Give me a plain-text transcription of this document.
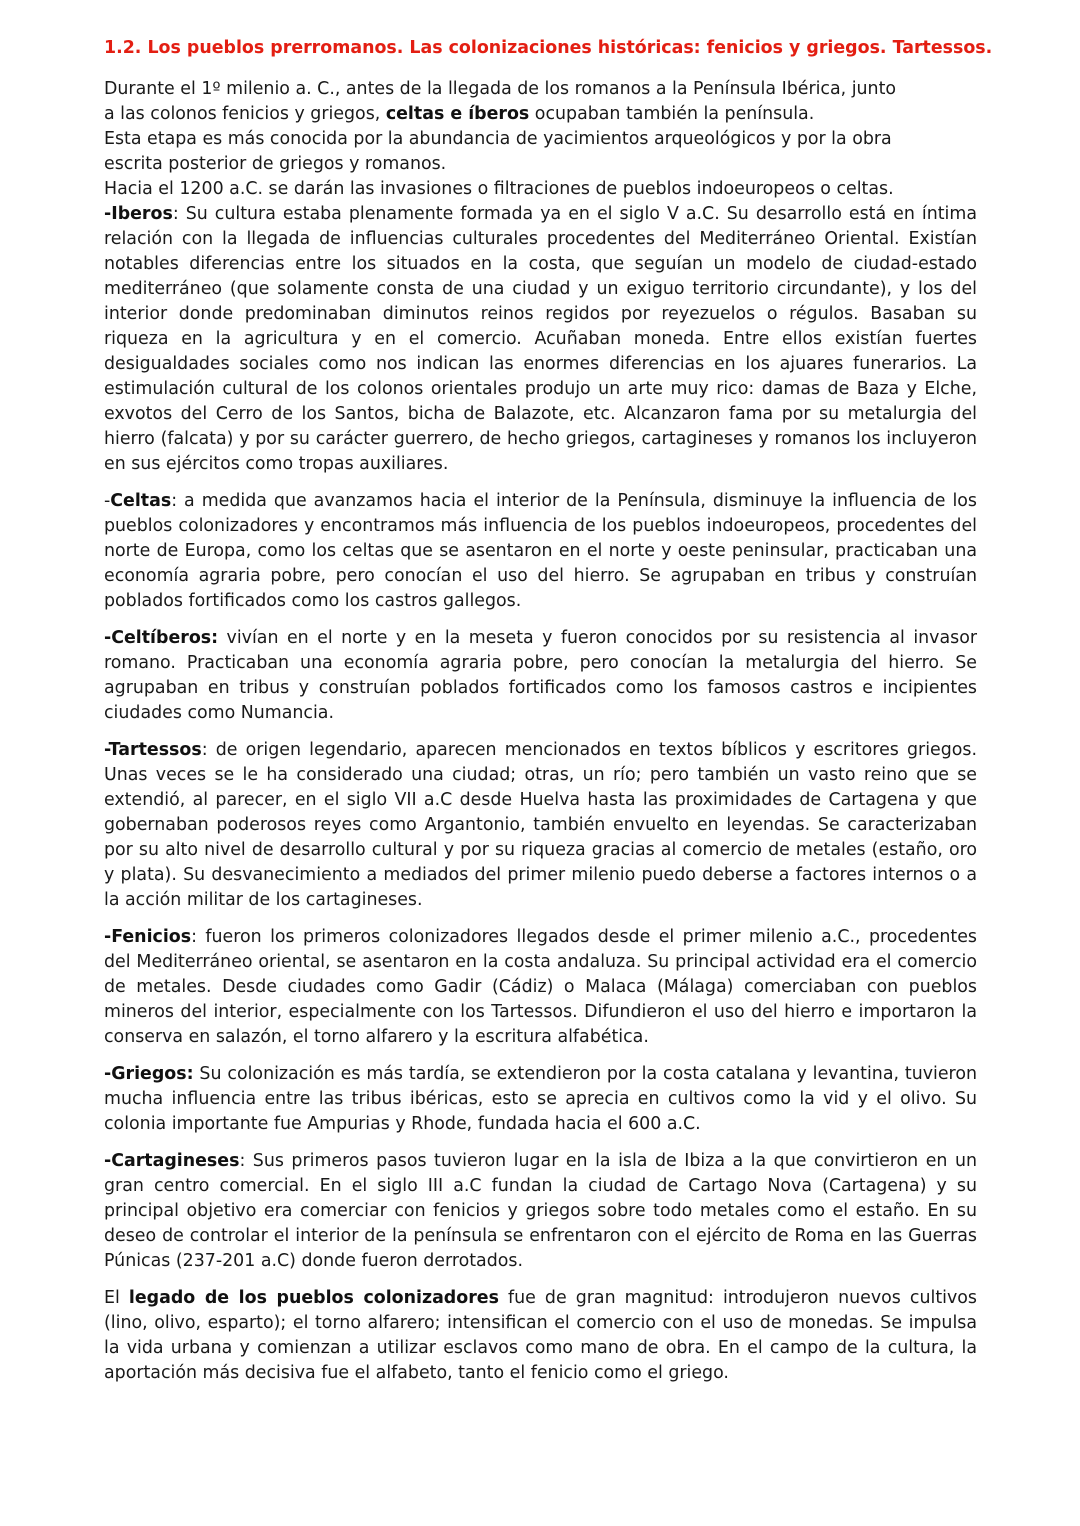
1.2. Los pueblos prerromanos. Las colonizaciones históricas: fenicios y griegos. Tartessos.

Durante el 1º milenio a. C., antes de la llegada de los romanos a la Península Ibérica, junto

a las colonos fenicios y griegos, celtas e íberos ocupaban también la península.

Esta etapa es más conocida por la abundancia de yacimientos arqueológicos y por la obra

escrita posterior de griegos y romanos.

Hacia el 1200 a.C. se darán las invasiones o filtraciones de pueblos indoeuropeos o celtas.

-Iberos: Su cultura estaba plenamente formada ya en el siglo V a.C. Su desarrollo está en íntima relación con la llegada de influencias culturales procedentes del Mediterráneo Oriental. Existían notables diferencias entre los situados en la costa, que seguían un modelo de ciudad-estado mediterráneo (que solamente consta de una ciudad y un exiguo territorio circundante), y los del interior donde predominaban diminutos reinos regidos por reyezuelos o régulos. Basaban su riqueza en la agricultura y en el comercio. Acuñaban moneda. Entre ellos existían fuertes desigualdades sociales como nos indican las enormes diferencias en los ajuares funerarios. La estimulación cultural de los colonos orientales produjo un arte muy rico: damas de Baza y Elche, exvotos del Cerro de los Santos, bicha de Balazote, etc. Alcanzaron fama por su metalurgia del hierro (falcata) y por su carácter guerrero, de hecho griegos, cartagineses y romanos los incluyeron en sus ejércitos como tropas auxiliares.

-Celtas: a medida que avanzamos hacia el interior de la Península, disminuye la influencia de los pueblos colonizadores y encontramos más influencia de los pueblos indoeuropeos, procedentes del norte de Europa, como los celtas que se asentaron en el norte y oeste peninsular, practicaban una economía agraria pobre, pero conocían el uso del hierro. Se agrupaban en tribus y construían poblados fortificados como los castros gallegos.

-Celtíberos: vivían en el norte y en la meseta y fueron conocidos por su resistencia al invasor romano. Practicaban una economía agraria pobre, pero conocían la metalurgia del hierro. Se agrupaban en tribus y construían poblados fortificados como los famosos castros e incipientes ciudades como Numancia.

-Tartessos: de origen legendario, aparecen mencionados en textos bíblicos y escritores griegos. Unas veces se le ha considerado una ciudad; otras, un río; pero también un vasto reino que se extendió, al parecer, en el siglo VII a.C desde Huelva hasta las proximidades de Cartagena y que gobernaban poderosos reyes como Argantonio, también envuelto en leyendas. Se caracterizaban por su alto nivel de desarrollo cultural y por su riqueza gracias al comercio de metales (estaño, oro y plata). Su desvanecimiento a mediados del primer milenio puedo deberse a factores internos o a la acción militar de los cartagineses.

-Fenicios: fueron los primeros colonizadores llegados desde el primer milenio a.C., procedentes del Mediterráneo oriental, se asentaron en la costa andaluza. Su principal actividad era el comercio de metales. Desde ciudades como Gadir (Cádiz) o Malaca (Málaga) comerciaban con pueblos mineros del interior, especialmente con los Tartessos. Difundieron el uso del hierro e importaron la conserva en salazón, el torno alfarero y la escritura alfabética.

-Griegos: Su colonización es más tardía, se extendieron por la costa catalana y levantina, tuvieron mucha influencia entre las tribus ibéricas, esto se aprecia en cultivos como la vid y el olivo. Su colonia importante fue Ampurias y Rhode, fundada hacia el 600 a.C.

-Cartagineses: Sus primeros pasos tuvieron lugar en la isla de Ibiza a la que convirtieron en un gran centro comercial. En el siglo III a.C fundan la ciudad de Cartago Nova (Cartagena) y su principal objetivo era comerciar con fenicios y griegos sobre todo metales como el estaño. En su deseo de controlar el interior de la península se enfrentaron con el ejército de Roma en las Guerras Púnicas (237-201 a.C) donde fueron derrotados.

El legado de los pueblos colonizadores fue de gran magnitud: introdujeron nuevos cultivos (lino, olivo, esparto); el torno alfarero; intensifican el comercio con el uso de monedas. Se impulsa la vida urbana y comienzan a utilizar esclavos como mano de obra. En el campo de la cultura, la aportación más decisiva fue el alfabeto, tanto el fenicio como el griego.
